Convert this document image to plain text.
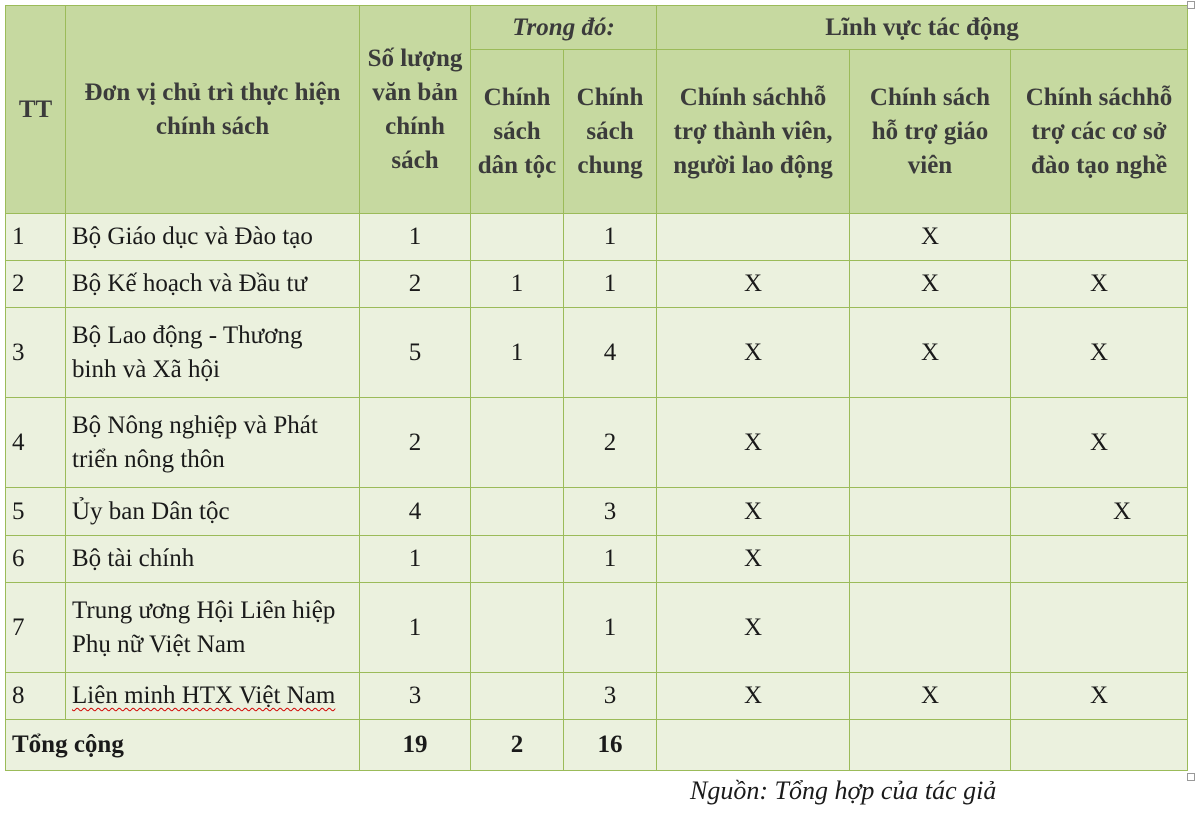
TT	Đơn vị chủ trì thực hiện chính sách	Số lượng văn bản chính sách	Trong đó:		Lĩnh vực tác động		
			Chính sách dân tộc	Chính sách chung	Chính sáchhỗ trợ thành viên, người lao động	Chính sách hỗ trợ giáo viên	Chính sáchhỗ trợ các cơ sở đào tạo nghề
1	Bộ Giáo dục và Đào tạo	1		1		X	
2	Bộ Kế hoạch và Đầu tư	2	1	1	X	X	X
3	Bộ Lao động - Thương binh và Xã hội	5	1	4	X	X	X
4	Bộ Nông nghiệp và Phát triển nông thôn	2		2	X		X
5	Ủy ban Dân tộc	4		3	X		X
6	Bộ tài chính	1		1	X		
7	Trung ương Hội Liên hiệp Phụ nữ Việt Nam	1		1	X		
8	Liên minh HTX Việt Nam	3		3	X	X	X
Tổng cộng		19	2	16			
Nguồn: Tổng hợp của tác giả
